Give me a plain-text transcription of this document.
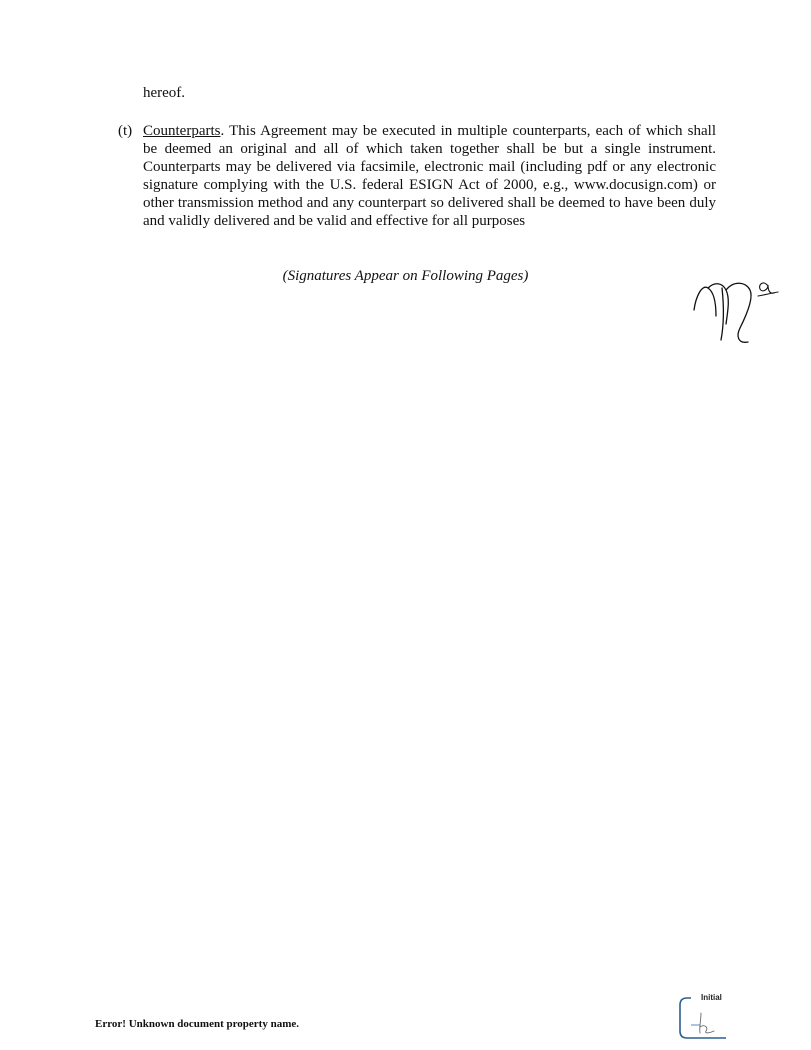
hereof.
(t) Counterparts. This Agreement may be executed in multiple counterparts, each of which shall be deemed an original and all of which taken together shall be but a single instrument. Counterparts may be delivered via facsimile, electronic mail (including pdf or any electronic signature complying with the U.S. federal ESIGN Act of 2000, e.g., www.docusign.com) or other transmission method and any counterpart so delivered shall be deemed to have been duly and validly delivered and be valid and effective for all purposes
(Signatures Appear on Following Pages)
Error! Unknown document property name.
Initial
